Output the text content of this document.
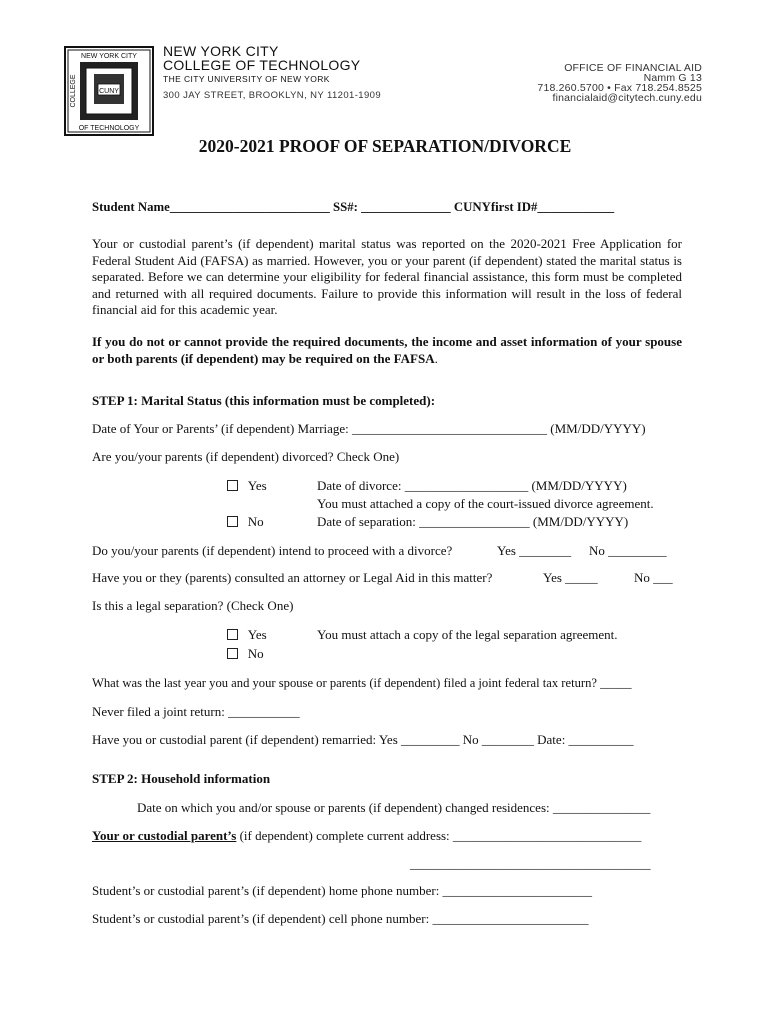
CUNY
NEW YORK CITY
COLLEGE
OF TECHNOLOGY
NEW YORK CITY
COLLEGE OF TECHNOLOGY
THE CITY UNIVERSITY OF NEW YORK
300 JAY STREET, BROOKLYN, NY 11201-1909
OFFICE OF FINANCIAL AID
Namm G 13
718.260.5700 • Fax 718.254.8525
financialaid@citytech.cuny.edu
2020-2021 PROOF OF SEPARATION/DIVORCE
Student Name_________________________ SS#: ______________ CUNYfirst ID#____________
Your or custodial parent’s (if dependent) marital status was reported on the 2020-2021 Free Application for Federal Student Aid (FAFSA) as married. However, you or your parent (if dependent) stated the marital status is separated. Before we can determine your eligibility for federal financial assistance, this form must be completed and returned with all required documents. Failure to provide this information will result in the loss of federal financial aid for this academic year.
If you do not or cannot provide the required documents, the income and asset information of your spouse or both parents (if dependent) may be required on the FAFSA.
STEP 1: Marital Status (this information must be completed):
Date of Your or Parents’ (if dependent) Marriage: ______________________________ (MM/DD/YYYY)
Are you/your parents (if dependent) divorced? Check One)
Yes	Date of divorce: ___________________ (MM/DD/YYYY)
You must attached a copy of the court-issued divorce agreement.
No	Date of separation: _________________ (MM/DD/YYYY)
Do you/your parents (if dependent) intend to proceed with a divorce?	Yes ________ No _________
Have you or they (parents) consulted an attorney or Legal Aid in this matter?	Yes _____	No ___
Is this a legal separation? (Check One)
Yes	You must attach a copy of the legal separation agreement.
No
What was the last year you and your spouse or parents (if dependent) filed a joint federal tax return? _____
Never filed a joint return: ___________
Have you or custodial parent (if dependent) remarried: Yes _________ No ________ Date: __________
STEP 2: Household information
Date on which you and/or spouse or parents (if dependent) changed residences: _______________
Your or custodial parent’s (if dependent) complete current address: _____________________________
_____________________________________
Student’s or custodial parent’s (if dependent) home phone number: _______________________
Student’s or custodial parent’s (if dependent) cell phone number: ________________________
